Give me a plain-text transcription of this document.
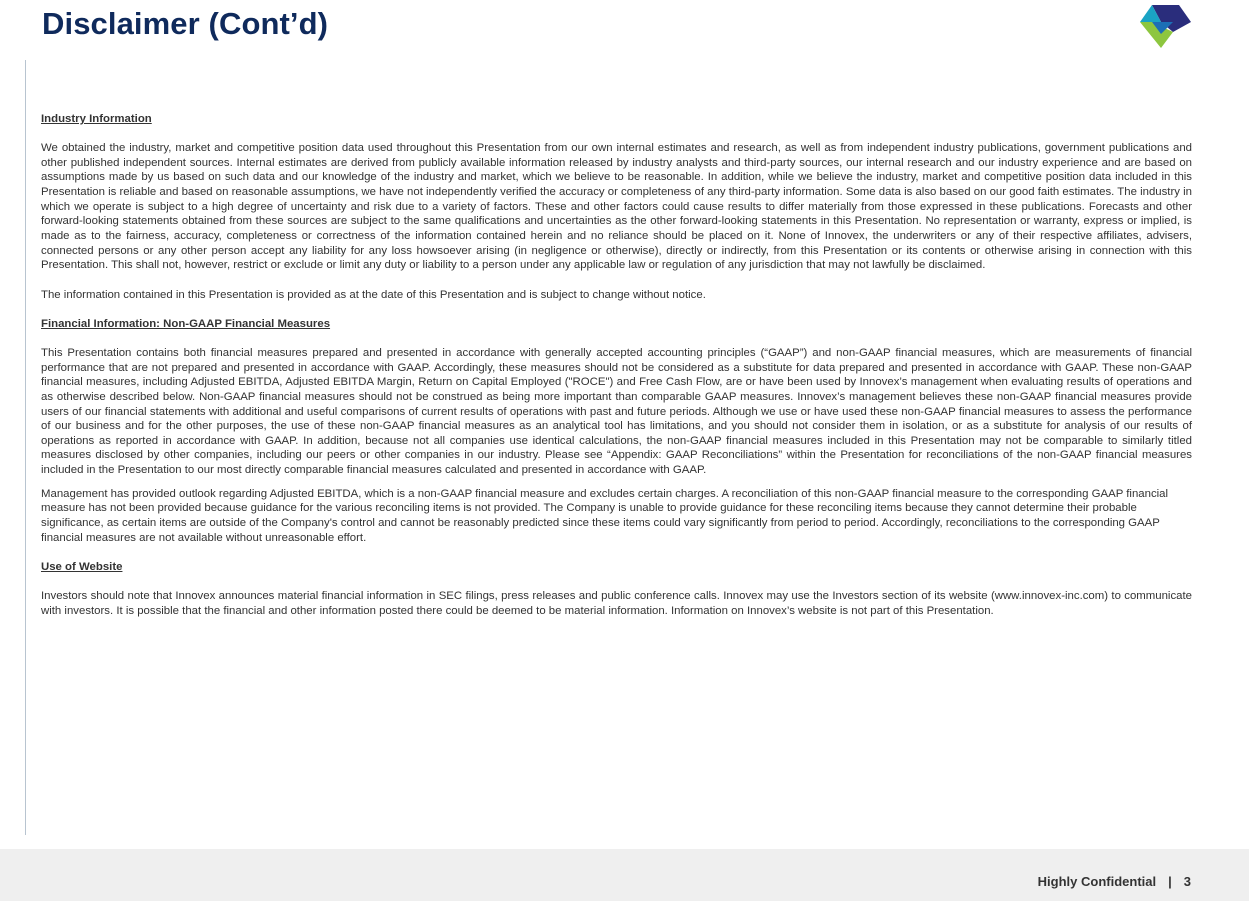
Disclaimer (Cont’d)
Industry Information
We obtained the industry, market and competitive position data used throughout this Presentation from our own internal estimates and research, as well as from independent industry publications, government publications and other published independent sources. Internal estimates are derived from publicly available information released by industry analysts and third-party sources, our internal research and our industry experience and are based on assumptions made by us based on such data and our knowledge of the industry and market, which we believe to be reasonable. In addition, while we believe the industry, market and competitive position data included in this Presentation is reliable and based on reasonable assumptions, we have not independently verified the accuracy or completeness of any third-party information. Some data is also based on our good faith estimates. The industry in which we operate is subject to a high degree of uncertainty and risk due to a variety of factors. These and other factors could cause results to differ materially from those expressed in these publications. Forecasts and other forward-looking statements obtained from these sources are subject to the same qualifications and uncertainties as the other forward-looking statements in this Presentation. No representation or warranty, express or implied, is made as to the fairness, accuracy, completeness or correctness of the information contained herein and no reliance should be placed on it. None of Innovex, the underwriters or any of their respective affiliates, advisers, connected persons or any other person accept any liability for any loss howsoever arising (in negligence or otherwise), directly or indirectly, from this Presentation or its contents or otherwise arising in connection with this Presentation. This shall not, however, restrict or exclude or limit any duty or liability to a person under any applicable law or regulation of any jurisdiction that may not lawfully be disclaimed.
The information contained in this Presentation is provided as at the date of this Presentation and is subject to change without notice.
Financial Information: Non-GAAP Financial Measures
This Presentation contains both financial measures prepared and presented in accordance with generally accepted accounting principles (“GAAP”) and non-GAAP financial measures, which are measurements of financial performance that are not prepared and presented in accordance with GAAP. Accordingly, these measures should not be considered as a substitute for data prepared and presented in accordance with GAAP. These non-GAAP financial measures, including Adjusted EBITDA, Adjusted EBITDA Margin, Return on Capital Employed ("ROCE") and Free Cash Flow, are or have been used by Innovex’s management when evaluating results of operations and as otherwise described below. Non-GAAP financial measures should not be construed as being more important than comparable GAAP measures. Innovex’s management believes these non-GAAP financial measures provide users of our financial statements with additional and useful comparisons of current results of operations with past and future periods. Although we use or have used these non-GAAP financial measures to assess the performance of our business and for the other purposes, the use of these non-GAAP financial measures as an analytical tool has limitations, and you should not consider them in isolation, or as a substitute for analysis of our results of operations as reported in accordance with GAAP. In addition, because not all companies use identical calculations, the non-GAAP financial measures included in this Presentation may not be comparable to similarly titled measures disclosed by other companies, including our peers or other companies in our industry. Please see “Appendix: GAAP Reconciliations” within the Presentation for reconciliations of the non-GAAP financial measures included in the Presentation to our most directly comparable financial measures calculated and presented in accordance with GAAP.
Management has provided outlook regarding Adjusted EBITDA, which is a non-GAAP financial measure and excludes certain charges. A reconciliation of this non-GAAP financial measure to the corresponding GAAP financial measure has not been provided because guidance for the various reconciling items is not provided. The Company is unable to provide guidance for these reconciling items because they cannot determine their probable significance, as certain items are outside of the Company's control and cannot be reasonably predicted since these items could vary significantly from period to period. Accordingly, reconciliations to the corresponding GAAP financial measures are not available without unreasonable effort.
Use of Website
Investors should note that Innovex announces material financial information in SEC filings, press releases and public conference calls. Innovex may use the Investors section of its website (www.innovex-inc.com) to communicate with investors. It is possible that the financial and other information posted there could be deemed to be material information. Information on Innovex’s website is not part of this Presentation.
Highly Confidential | 3
